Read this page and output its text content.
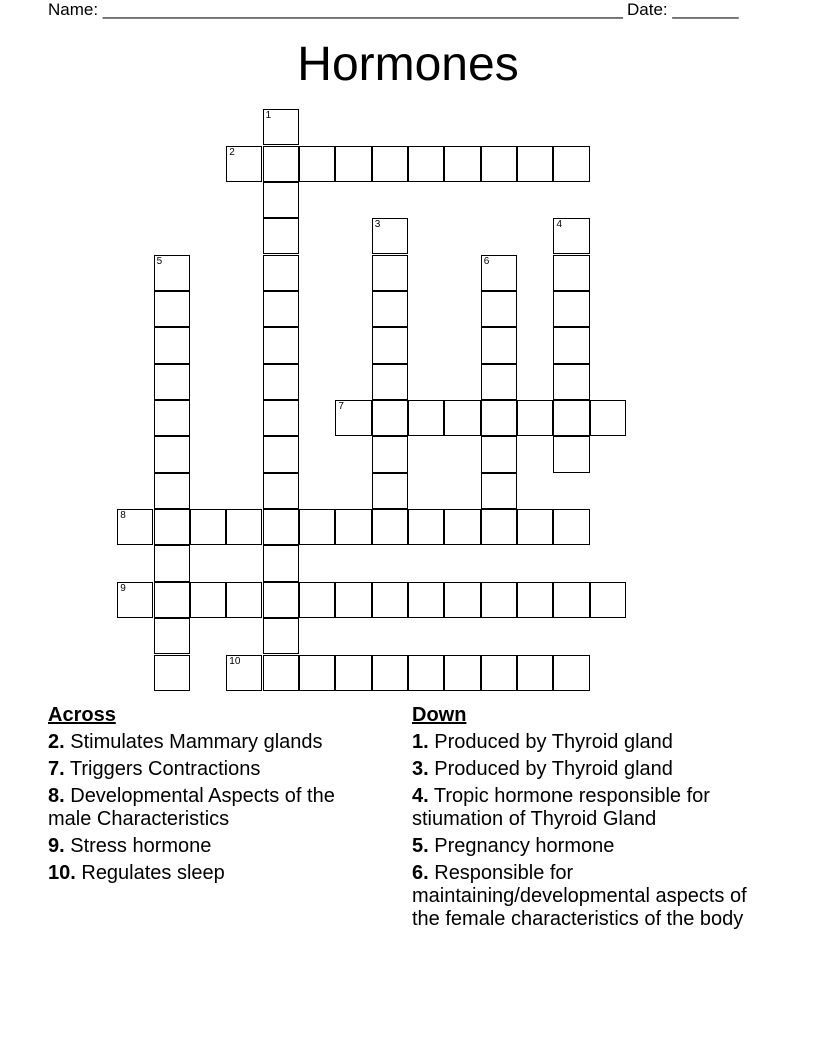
Name: _______________________________________________________ Date: _______
Hormones
1
2
3	4
5	6
7
8
9
10
Across
2. Stimulates Mammary glands
7. Triggers Contractions
8. Developmental Aspects of the male Characteristics
9. Stress hormone
10. Regulates sleep
Down
1. Produced by Thyroid gland
3. Produced by Thyroid gland
4. Tropic hormone responsible for stiumation of Thyroid Gland
5. Pregnancy hormone
6. Responsible for maintaining/developmental aspects of the female characteristics of the body
